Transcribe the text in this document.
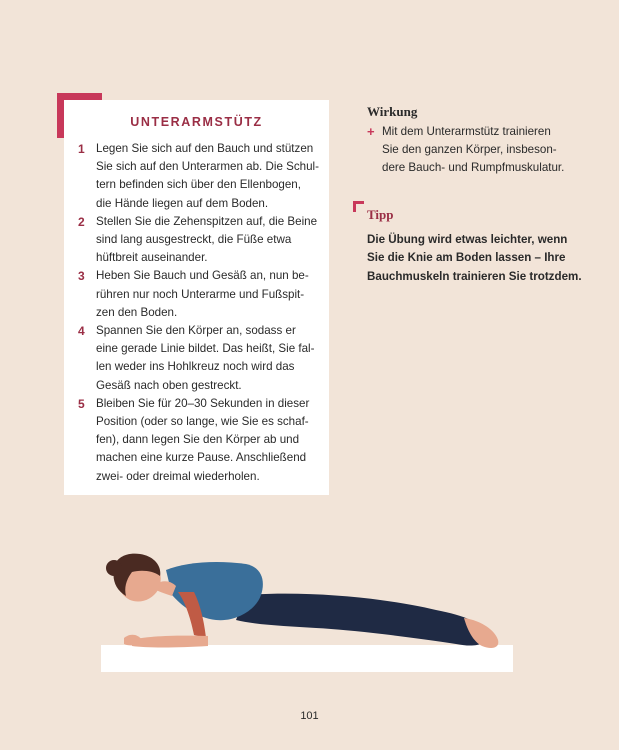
UNTERARMSTÜTZ
1 Legen Sie sich auf den Bauch und stützen
Sie sich auf den Unterarmen ab. Die Schul-
tern befinden sich über den Ellenbogen,
die Hände liegen auf dem Boden.
2 Stellen Sie die Zehenspitzen auf, die Beine
sind lang ausgestreckt, die Füße etwa
hüftbreit auseinander.
3 Heben Sie Bauch und Gesäß an, nun be-
rühren nur noch Unterarme und Fußspit-
zen den Boden.
4 Spannen Sie den Körper an, sodass er
eine gerade Linie bildet. Das heißt, Sie fal-
len weder ins Hohlkreuz noch wird das
Gesäß nach oben gestreckt.
5 Bleiben Sie für 20–30 Sekunden in dieser
Position (oder so lange, wie Sie es schaf-
fen), dann legen Sie den Körper ab und
machen eine kurze Pause. Anschließend
zwei- oder dreimal wiederholen.
Wirkung
+ Mit dem Unterarmstütz trainieren
Sie den ganzen Körper, insbeson-
dere Bauch- und Rumpfmuskulatur.
Tipp
Die Übung wird etwas leichter, wenn
Sie die Knie am Boden lassen – Ihre
Bauchmuskeln trainieren Sie trotzdem.
101
